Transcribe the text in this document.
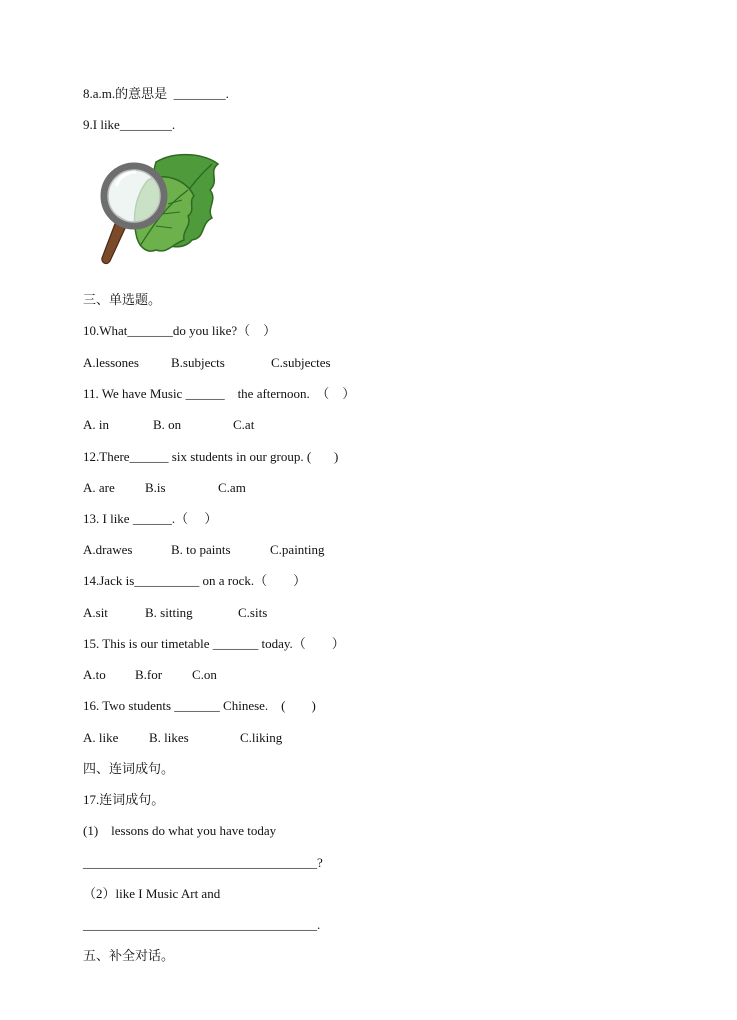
8.a.m.的意思是  ________.
9.I like________.
三、单选题。
10.What_______do you like?（    ）
A.lessones B.subjects	C.subjectes
11. We have Music ______    the afternoon.  （    ）
A. in	B. on	C.at
12.There______ six students in our group. (       )
A. are B.is	C.am
13. I like ______.（     ）
A.drawes	B. to paints	C.painting
14.Jack is__________ on a rock.（        ）
A.sit	B. sitting	C.sits
15. This is our timetable _______ today.（        ）
A.to B.for C.on
16. Two students _______ Chinese.    (        )
A. like B. likes	C.liking
四、连词成句。
17.连词成句。
(1)    lessons do what you have today
____________________________________?
（2）like I Music Art and
____________________________________.
五、补全对话。
